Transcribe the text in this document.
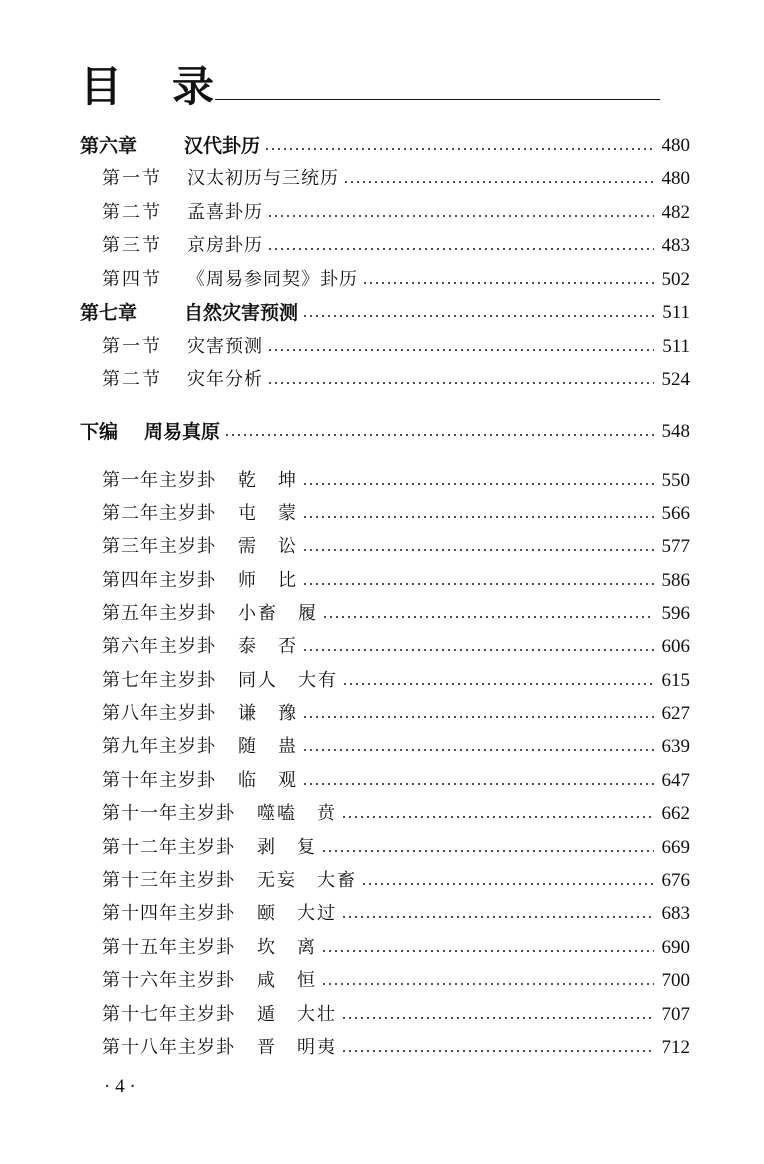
目 录
第六章	汉代卦历	480
第一节	汉太初历与三统历	480
第二节	孟喜卦历	482
第三节	京房卦历	483
第四节	《周易参同契》卦历	502
第七章	自然灾害预测	511
第一节	灾害预测	511
第二节	灾年分析	524
下编	周易真原	548
第一年主岁卦 乾　坤	550
第二年主岁卦 屯　蒙	566
第三年主岁卦 需　讼	577
第四年主岁卦 师　比	586
第五年主岁卦 小畜　履	596
第六年主岁卦 泰　否	606
第七年主岁卦 同人　大有	615
第八年主岁卦 谦　豫	627
第九年主岁卦 随　蛊	639
第十年主岁卦 临　观	647
第十一年主岁卦 噬嗑　贲	662
第十二年主岁卦 剥　复	669
第十三年主岁卦 无妄　大畜	676
第十四年主岁卦 颐　大过	683
第十五年主岁卦 坎　离	690
第十六年主岁卦 咸　恒	700
第十七年主岁卦 遁　大壮	707
第十八年主岁卦 晋　明夷	712
· 4 ·
